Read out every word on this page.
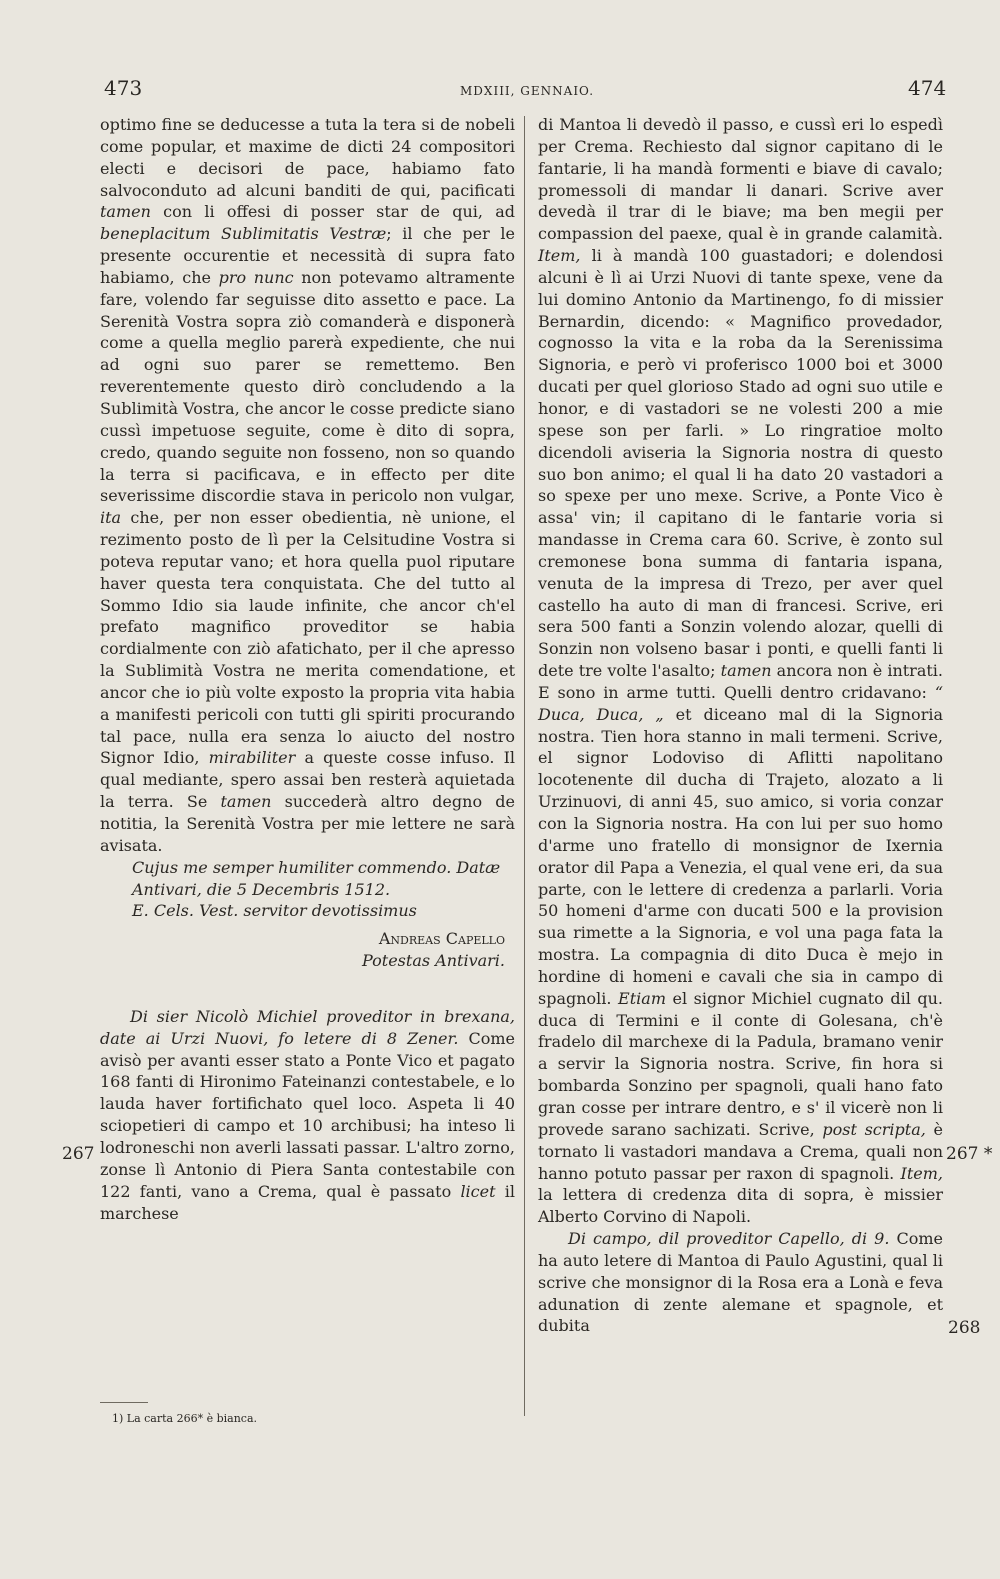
473	MDXIII, GENNAIO.	474

optimo fine se deducesse a tuta la tera si de nobeli come popular, et maxime de dicti 24 compositori electi e decisori de pace, habiamo fato salvoconduto ad alcuni banditi de qui, pacificati tamen con li offesi di posser star de qui, ad beneplacitum Sublimitatis Vestræ; il che per le presente occurentie et necessità di supra fato habiamo, che pro nunc non potevamo altramente fare, volendo far seguisse dito assetto e pace. La Serenità Vostra sopra ziò comanderà e disponerà come a quella meglio parerà expediente, che nui ad ogni suo parer se remettemo. Ben reverentemente questo dirò concludendo a la Sublimità Vostra, che ancor le cosse predicte siano cussì impetuose seguite, come è dito di sopra, credo, quando seguite non fosseno, non so quando la terra si pacificava, e in effecto per dite severissime discordie stava in pericolo non vulgar, ita che, per non esser obedientia, nè unione, el rezimento posto de lì per la Celsitudine Vostra si poteva reputar vano; et hora quella puol riputare haver questa tera conquistata. Che del tutto al Sommo Idio sia laude infinite, che ancor ch'el prefato magnifico proveditor se habia cordialmente con ziò afatichato, per il che apresso la Sublimità Vostra ne merita comendatione, et ancor che io più volte exposto la propria vita habia a manifesti pericoli con tutti gli spiriti procurando tal pace, nulla era senza lo aiucto del nostro Signor Idio, mirabiliter a queste cosse infuso. Il qual mediante, spero assai ben resterà aquietada la terra. Se tamen succederà altro degno de notitia, la Serenità Vostra per mie lettere ne sarà avisata.

Cujus me semper humiliter commendo. Datæ Antivari, die 5 Decembris 1512.

E. Cels. Vest. servitor devotissimus

Andreas Capello

Potestas Antivari.

Di sier Nicolò Michiel proveditor in brexana, date ai Urzi Nuovi, fo letere di 8 Zener. Come avisò per avanti esser stato a Ponte Vico et pagato 168 fanti di Hironimo Fateinanzi contestabele, e lo lauda haver fortifichato quel loco. Aspeta li 40 sciopetieri di campo et 10 archibusi; ha inteso li lodroneschi non averli lassati passar. L'altro zorno, zonse lì Antonio di Piera Santa contestabile con 122 fanti, vano a Crema, qual è passato licet il marchese

267

di Mantoa li devedò il passo, e cussì eri lo espedì per Crema. Rechiesto dal signor capitano di le fantarie, li ha mandà formenti e biave di cavalo; promessoli di mandar li danari. Scrive aver devedà il trar di le biave; ma ben megii per compassion del paexe, qual è in grande calamità. Item, li à mandà 100 guastadori; e dolendosi alcuni è lì ai Urzi Nuovi di tante spexe, vene da lui domino Antonio da Martinengo, fo di missier Bernardin, dicendo: « Magnifico provedador, cognosso la vita e la roba da la Serenissima Signoria, e però vi proferisco 1000 boi et 3000 ducati per quel glorioso Stado ad ogni suo utile e honor, e di vastadori se ne volesti 200 a mie spese son per farli. » Lo ringratioe molto dicendoli aviseria la Signoria nostra di questo suo bon animo; el qual li ha dato 20 vastadori a so spexe per uno mexe. Scrive, a Ponte Vico è assa' vin; il capitano di le fantarie voria si mandasse in Crema cara 60. Scrive, è zonto sul cremonese bona summa di fantaria ispana, venuta de la impresa di Trezo, per aver quel castello ha auto di man di francesi. Scrive, eri sera 500 fanti a Sonzin volendo alozar, quelli di Sonzin non volseno basar i ponti, e quelli fanti li dete tre volte l'asalto; tamen ancora non è intrati. E sono in arme tutti. Quelli dentro cridavano: “ Duca, Duca, „ et diceano mal di la Signoria nostra. Tien hora stanno in mali termeni. Scrive, el signor Lodoviso di Aflitti napolitano locotenente dil ducha di Trajeto, alozato a li Urzinuovi, di anni 45, suo amico, si voria conzar con la Signoria nostra. Ha con lui per suo homo d'arme uno fratello di monsignor de Ixernia orator dil Papa a Venezia, el qual vene eri, da sua parte, con le lettere di credenza a parlarli. Voria 50 homeni d'arme con ducati 500 e la provision sua rimette a la Signoria, e vol una paga fata la mostra. La compagnia di dito Duca è mejo in hordine di homeni e cavali che sia in campo di spagnoli. Etiam el signor Michiel cugnato dil qu. duca di Termini e il conte di Golesana, ch'è fradelo dil marchexe di la Padula, bramano venir a servir la Signoria nostra. Scrive, fin hora si bombarda Sonzino per spagnoli, quali hano fato gran cosse per intrare dentro, e s' il vicerè non li provede sarano sachizati. Scrive, post scripta, è tornato li vastadori mandava a Crema, quali non hanno potuto passar per raxon di spagnoli. Item, la lettera di credenza dita di sopra, è missier Alberto Corvino di Napoli.

Di campo, dil proveditor Capello, di 9. Come ha auto letere di Mantoa di Paulo Agustini, qual li scrive che monsignor di la Rosa era a Lonà e feva adunation di zente alemane et spagnole, et dubita

267 *
268
1) La carta 266* è bianca.
